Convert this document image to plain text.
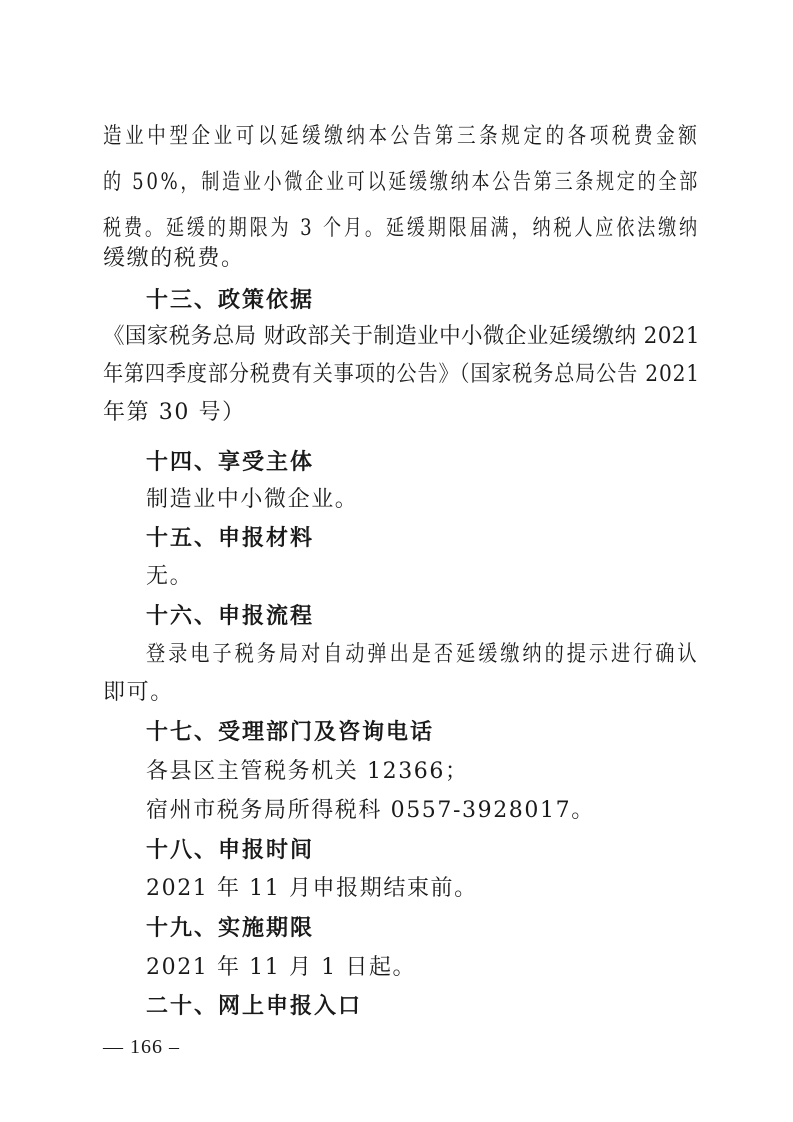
造业中型企业可以延缓缴纳本公告第三条规定的各项税费金额
的 50%，制造业小微企业可以延缓缴纳本公告第三条规定的全部
税费。延缓的期限为 3 个月。延缓期限届满，纳税人应依法缴纳
缓缴的税费。
十三、政策依据
《国家税务总局 财政部关于制造业中小微企业延缓缴纳 2021
年第四季度部分税费有关事项的公告》（国家税务总局公告 2021
年第 30 号）
十四、享受主体
制造业中小微企业。
十五、申报材料
无。
十六、申报流程
登录电子税务局对自动弹出是否延缓缴纳的提示进行确认
即可。
十七、受理部门及咨询电话
各县区主管税务机关 12366；
宿州市税务局所得税科 0557-3928017。
十八、申报时间
2021 年 11 月申报期结束前。
十九、实施期限
2021 年 11 月 1 日起。
二十、网上申报入口
— 166 –
